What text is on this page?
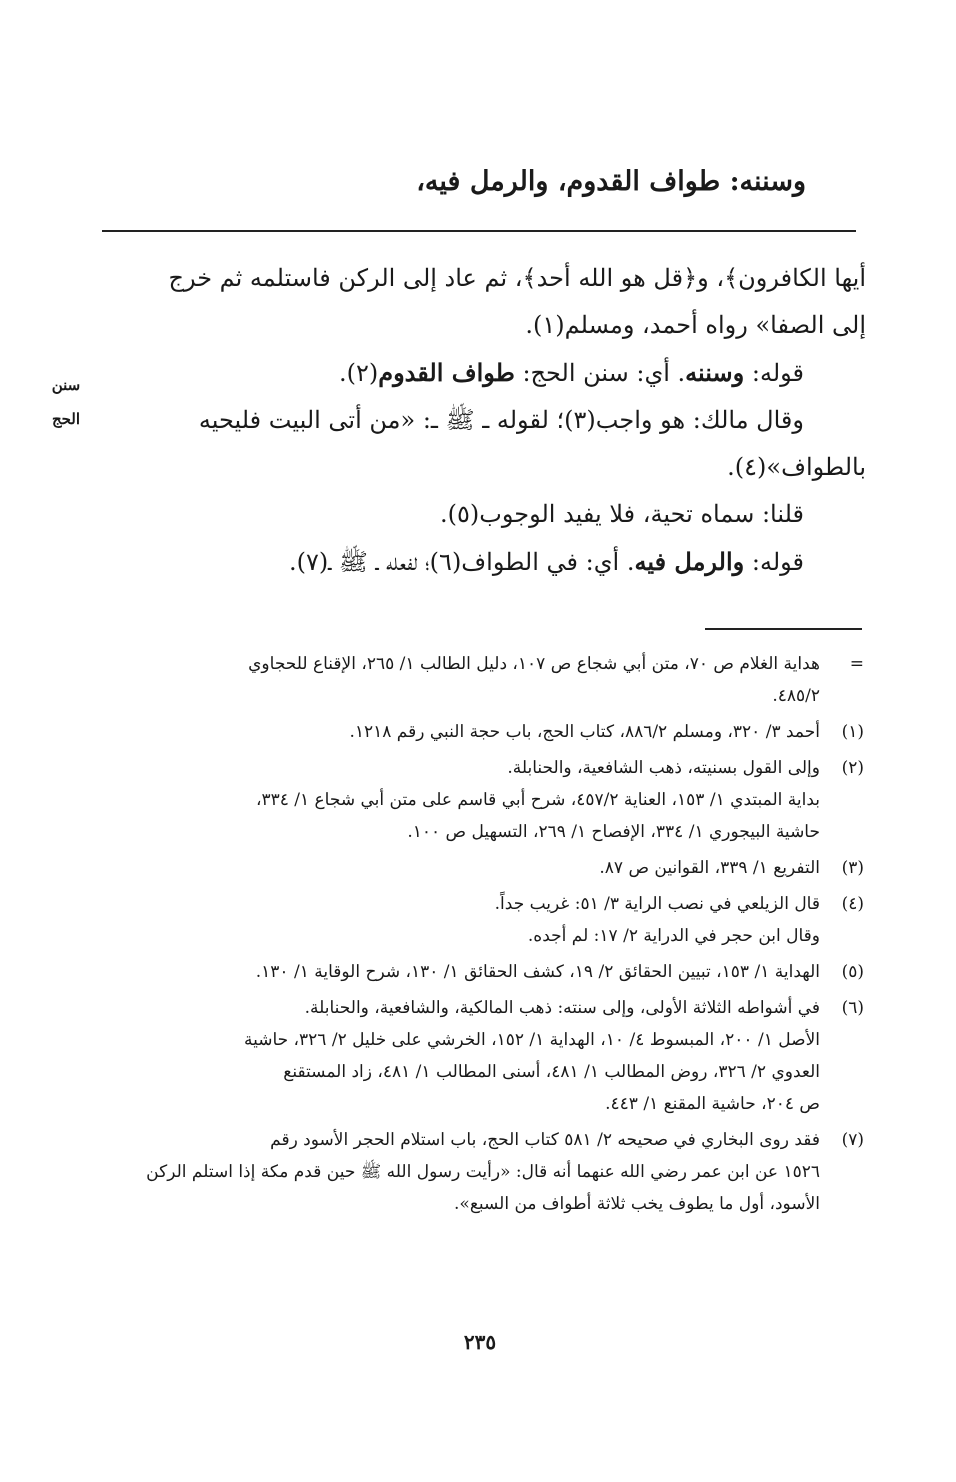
وسننه: طواف القدوم، والرمل فيه،
سنن
الحج

أيها الكافرون﴾، و﴿قل هو الله أحد﴾، ثم عاد إلى الركن فاستلمه ثم خرج

إلى الصفا» رواه أحمد، ومسلم(١).

قوله: وسننه. أي: سنن الحج: طواف القدوم(٢).

وقال مالك: هو واجب(٣)؛ لقوله ـ ﷺ ـ: «من أتى البيت فليحيه

بالطواف»(٤).

قلنا: سماه تحية، فلا يفيد الوجوب(٥).

قوله: والرمل فيه. أي: في الطواف(٦)؛ لفعله ـ ﷺ ـ(٧).

=
هداية الغلام ص ٧٠، متن أبي شجاع ص ١٠٧، دليل الطالب ١/ ٢٦٥، الإقناع للحجاوي
٤٨٥/٢.
(١)
أحمد ٣/ ٣٢٠، ومسلم ٨٨٦/٢، كتاب الحج، باب حجة النبي رقم ١٢١٨.
(٢)
وإلى القول بسنيته، ذهب الشافعية، والحنابلة.
بداية المبتدي ١/ ١٥٣، العناية ٤٥٧/٢، شرح أبي قاسم على متن أبي شجاع ١/ ٣٣٤،
حاشية البيجوري ١/ ٣٣٤، الإفصاح ١/ ٢٦٩، التسهيل ص ١٠٠.
(٣)
التفريع ١/ ٣٣٩، القوانين ص ٨٧.
(٤)
قال الزيلعي في نصب الراية ٣/ ٥١: غريب جداً.
وقال ابن حجر في الدراية ٢/ ١٧: لم أجده.
(٥)
الهداية ١/ ١٥٣، تبيين الحقائق ٢/ ١٩، كشف الحقائق ١/ ١٣٠، شرح الوقاية ١/ ١٣٠.
(٦)
في أشواطه الثلاثة الأولى، وإلى سنته: ذهب المالكية، والشافعية، والحنابلة.
الأصل ١/ ٢٠٠، المبسوط ٤/ ١٠، الهداية ١/ ١٥٢، الخرشي على خليل ٢/ ٣٢٦، حاشية
العدوي ٢/ ٣٢٦، روض المطالب ١/ ٤٨١، أسنى المطالب ١/ ٤٨١، زاد المستقنع
ص ٢٠٤، حاشية المقنع ١/ ٤٤٣.
(٧)
فقد روى البخاري في صحيحه ٢/ ٥٨١ كتاب الحج، باب استلام الحجر الأسود رقم
١٥٢٦ عن ابن عمر رضي الله عنهما أنه قال: «رأيت رسول الله ﷺ حين قدم مكة إذا استلم الركن
الأسود، أول ما يطوف يخب ثلاثة أطواف من السبع».
٢٣٥
